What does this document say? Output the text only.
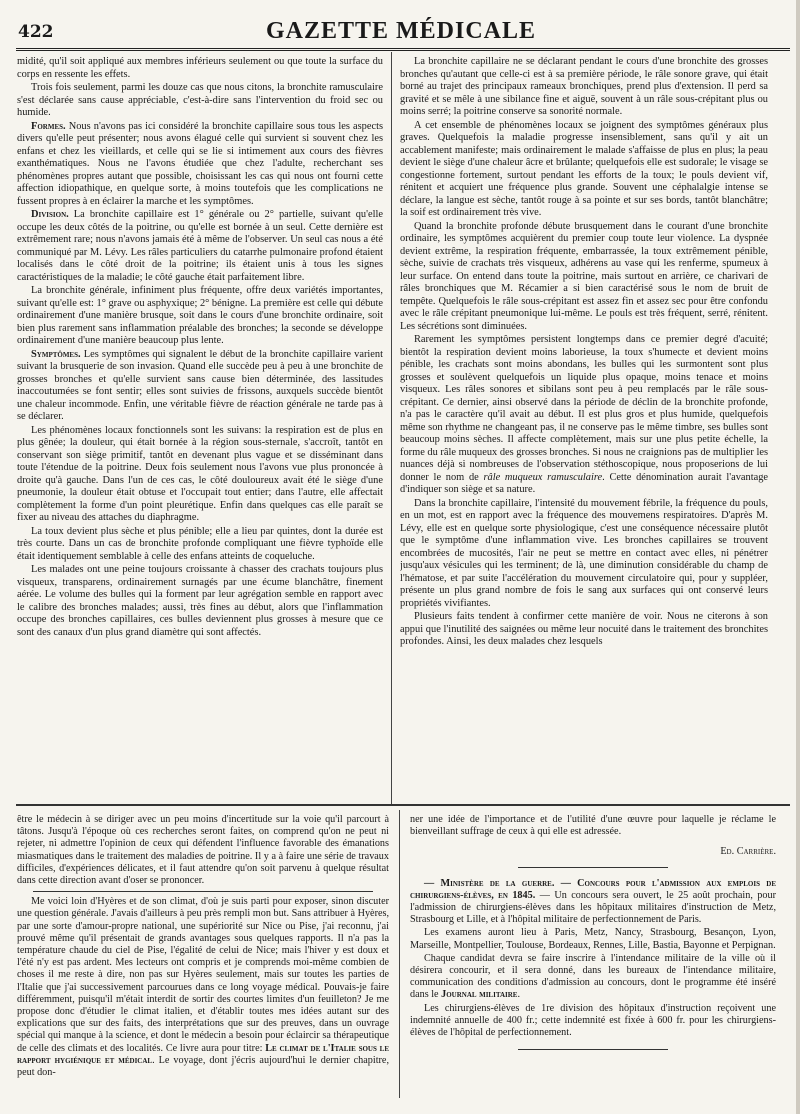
422	GAZETTE MÉDICALE

midité, qu'il soit appliqué aux membres inférieurs seulement ou que toute la surface du corps en ressente les effets.

Trois fois seulement, parmi les douze cas que nous citons, la bronchite ramusculaire s'est déclarée sans cause appréciable, c'est-à-dire sans l'intervention du froid sec ou humide.

Formes. Nous n'avons pas ici considéré la bronchite capillaire sous tous les aspects divers qu'elle peut présenter; nous avons élagué celle qui survient si souvent chez les enfans et chez les vieillards, et celle qui se lie si intimement aux cours des fièvres exanthématiques. Nous ne l'avons étudiée que chez l'adulte, recherchant ses phénomènes propres autant que possible, choisissant les cas qui nous ont fourni cette affection idiopathique, en quelque sorte, à moins toutefois que les complications ne fussent propres à en éclairer la marche et les symptômes.

Division. La bronchite capillaire est 1° générale ou 2° partielle, suivant qu'elle occupe les deux côtés de la poitrine, ou qu'elle est bornée à un seul. Cette dernière est extrêmement rare; nous n'avons jamais été à même de l'observer. Un seul cas nous a été communiqué par M. Lévy. Les râles particuliers du catarrhe pulmonaire profond étaient localisés dans le côté droit de la poitrine; ils étaient unis à tous les signes caractéristiques de la maladie; le côté gauche était parfaitement libre.

La bronchite générale, infiniment plus fréquente, offre deux variétés importantes, suivant qu'elle est: 1° grave ou asphyxique; 2° bénigne. La première est celle qui débute ordinairement d'une manière brusque, soit dans le cours d'une bronchite ordinaire, soit bien plus rarement sans inflammation préalable des bronches; la seconde se développe ordinairement d'une manière beaucoup plus lente.

Symptômes. Les symptômes qui signalent le début de la bronchite capillaire varient suivant la brusquerie de son invasion. Quand elle succède peu à peu à une bronchite de grosses bronches et qu'elle survient sans cause bien déterminée, des lassitudes inaccoutumées se font sentir; elles sont suivies de frissons, auxquels succède bientôt une chaleur incommode. Enfin, une véritable fièvre de réaction générale ne tarde pas à se déclarer.

Les phénomènes locaux fonctionnels sont les suivans: la respiration est de plus en plus gênée; la douleur, qui était bornée à la région sous-sternale, s'accroît, tantôt en conservant son siège primitif, tantôt en devenant plus vague et se disséminant dans toute l'étendue de la poitrine. Deux fois seulement nous l'avons vue plus prononcée à droite qu'à gauche. Dans l'un de ces cas, le côté douloureux avait été le siège d'une pneumonie, la douleur était obtuse et l'occupait tout entier; dans l'autre, elle affectait complètement la forme d'un point pleurétique. Enfin dans quelques cas elle paraît se fixer au niveau des attaches du diaphragme.

La toux devient plus sèche et plus pénible; elle a lieu par quintes, dont la durée est très courte. Dans un cas de bronchite profonde compliquant une fièvre typhoïde elle était identiquement semblable à celle des enfans atteints de coqueluche.

Les malades ont une peine toujours croissante à chasser des crachats toujours plus visqueux, transparens, ordinairement surnagés par une écume blanchâtre, finement aérée. Le volume des bulles qui la forment par leur agrégation semble en rapport avec le calibre des bronches malades; aussi, très fines au début, alors que l'inflammation occupe des bronches capillaires, ces bulles deviennent plus grosses à mesure que ce sont des canaux d'un plus grand diamètre qui sont affectés.

La bronchite capillaire ne se déclarant pendant le cours d'une bronchite des grosses bronches qu'autant que celle-ci est à sa première période, le râle sonore grave, qui était borné au trajet des principaux rameaux bronchiques, prend plus d'extension. Il perd sa gravité et se mêle à une sibilance fine et aiguë, souvent à un râle sous-crépitant plus ou moins serré; la poitrine conserve sa sonorité normale.

A cet ensemble de phénomènes locaux se joignent des symptômes généraux plus graves. Quelquefois la maladie progresse insensiblement, sans qu'il y ait un accablement manifeste; mais ordinairement le malade s'affaisse de plus en plus; la peau devient le siège d'une chaleur âcre et brûlante; quelquefois elle est sudorale; le visage se congestionne fortement, surtout pendant les efforts de la toux; le pouls devient vif, rénitent et acquiert une fréquence plus grande. Souvent une céphalalgie intense se déclare, la langue est sèche, tantôt rouge à sa pointe et sur ses bords, tantôt blanchâtre; la soif est ordinairement très vive.

Quand la bronchite profonde débute brusquement dans le courant d'une bronchite ordinaire, les symptômes acquièrent du premier coup toute leur violence. La dyspnée devient extrême, la respiration fréquente, embarrassée, la toux extrêmement pénible, sèche, suivie de crachats très visqueux, adhérens au vase qui les renferme, spumeux à leur surface. On entend dans toute la poitrine, mais surtout en arrière, ce charivari de râles bronchiques que M. Récamier a si bien caractérisé sous le nom de bruit de tempête. Quelquefois le râle sous-crépitant est assez fin et assez sec pour être confondu avec le râle crépitant pneumonique lui-même. Le pouls est très fréquent, serré, rénitent. Les sécrétions sont diminuées.

Rarement les symptômes persistent longtemps dans ce premier degré d'acuité; bientôt la respiration devient moins laborieuse, la toux s'humecte et devient moins pénible, les crachats sont moins abondans, les bulles qui les surmontent sont plus grosses et soulèvent quelquefois un liquide plus opaque, moins tenace et moins visqueux. Les râles sonores et sibilans sont peu à peu remplacés par le râle sous-crépitant. Ce dernier, ainsi observé dans la période de déclin de la bronchite profonde, n'a pas le caractère qu'il avait au début. Il est plus gros et plus humide, quelquefois même son rhythme ne changeant pas, il ne conserve pas le même timbre, ses bulles sont beaucoup moins sèches. Il affecte complètement, mais sur une plus petite échelle, la forme du râle muqueux des grosses bronches. Si nous ne craignions pas de multiplier les nuances déjà si nombreuses de l'observation stéthoscopique, nous proposerions de lui donner le nom de râle muqueux ramusculaire. Cette dénomination aurait l'avantage d'indiquer son siège et sa nature.

Dans la bronchite capillaire, l'intensité du mouvement fébrile, la fréquence du pouls, en un mot, est en rapport avec la fréquence des mouvemens respiratoires. D'après M. Lévy, elle est en quelque sorte physiologique, c'est une conséquence nécessaire plutôt que le symptôme d'une inflammation vive. Les bronches capillaires se trouvent encombrées de mucosités, l'air ne peut se mettre en contact avec elles, ni pénétrer jusqu'aux vésicules qui les terminent; de là, une diminution considérable du champ de l'hématose, et par suite l'accélération du mouvement circulatoire qui, pour y suppléer, présente un plus grand nombre de fois le sang aux surfaces qui ont conservé leurs propriétés vivifiantes.

Plusieurs faits tendent à confirmer cette manière de voir. Nous ne citerons à son appui que l'inutilité des saignées ou même leur nocuité dans le traitement des bronchites profondes. Ainsi, les deux malades chez lesquels

être le médecin à se diriger avec un peu moins d'incertitude sur la voie qu'il parcourt à tâtons. Jusqu'à l'époque où ces recherches seront faites, on comprend qu'on ne peut ni rejeter, ni admettre l'opinion de ceux qui défendent l'influence favorable des émanations miasmatiques dans le traitement des maladies de poitrine. Il y a à faire une série de travaux difficiles, d'expériences délicates, et il faut attendre qu'on soit parvenu à quelque résultat dans cette direction avant d'oser se prononcer.

Me voici loin d'Hyères et de son climat, d'où je suis parti pour exposer, sinon discuter une question générale. J'avais d'ailleurs à peu près rempli mon but. Sans attribuer à Hyères, par une sorte d'amour-propre national, une supériorité sur Nice ou Pise, j'ai reconnu, j'ai prouvé même qu'il présentait de grands avantages sous quelques rapports. Il n'a pas la température chaude du ciel de Pise, l'égalité de celui de Nice; mais l'hiver y est doux et l'été n'y est pas ardent. Mes lecteurs ont compris et je comprends moi-même combien de choses il me reste à dire, non pas sur Hyères seulement, mais sur toutes les parties de l'Italie que j'ai successivement parcourues dans ce long voyage médical. Pouvais-je faire différemment, puisqu'il m'était interdit de sortir des courtes limites d'un feuilleton? Je me propose donc d'étudier le climat italien, et d'établir toutes mes idées autant sur des explications que sur des faits, des interprétations que sur des preuves, dans un ouvrage spécial qui manque à la science, et dont le médecin a besoin pour éclaircir sa thérapeutique de celle des climats et des localités. Ce livre aura pour titre: Le climat de l'Italie sous le rapport hygiénique et médical. Le voyage, dont j'écris aujourd'hui le dernier chapitre, peut don-

ner une idée de l'importance et de l'utilité d'une œuvre pour laquelle je réclame le bienveillant suffrage de ceux à qui elle est adressée.

Ed. Carrière.

— Ministère de la guerre. — Concours pour l'admission aux emplois de chirurgiens-élèves, en 1845. — Un concours sera ouvert, le 25 août prochain, pour l'admission de chirurgiens-élèves dans les hôpitaux militaires d'instruction de Metz, Strasbourg et Lille, et à l'hôpital militaire de perfectionnement de Paris.

Les examens auront lieu à Paris, Metz, Nancy, Strasbourg, Besançon, Lyon, Marseille, Montpellier, Toulouse, Bordeaux, Rennes, Lille, Bastia, Bayonne et Perpignan.

Chaque candidat devra se faire inscrire à l'intendance militaire de la ville où il désirera concourir, et il sera donné, dans les bureaux de l'intendance militaire, communication des conditions d'admission au concours, dont le programme été inséré dans le Journal militaire.

Les chirurgiens-élèves de 1re division des hôpitaux d'instruction reçoivent une indemnité annuelle de 400 fr.; cette indemnité est fixée à 600 fr. pour les chirurgiens-élèves de l'hôpital de perfectionnement.
